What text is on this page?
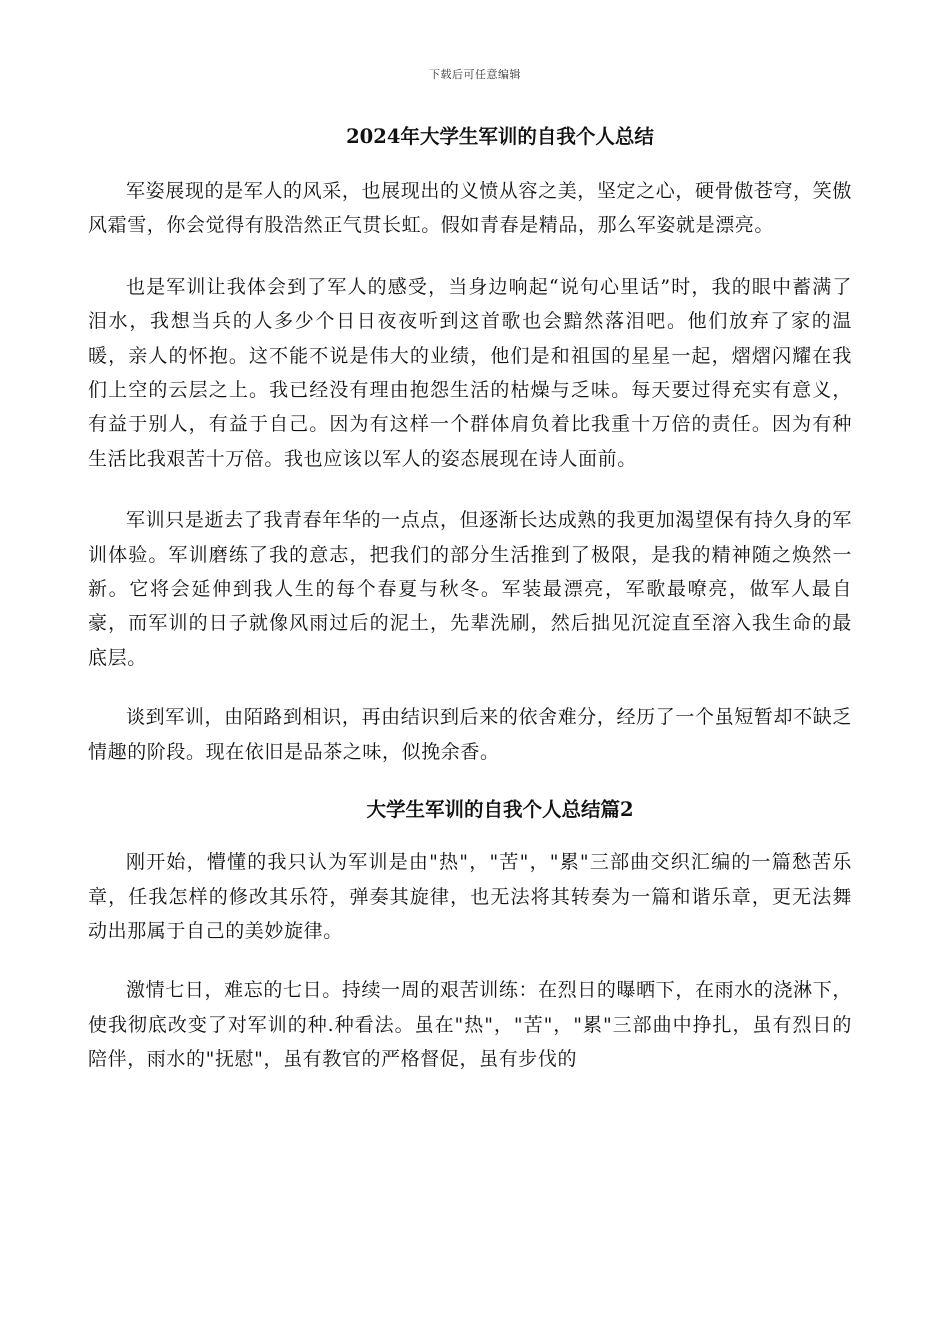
下载后可任意编辑
2024年大学生军训的自我个人总结

军姿展现的是军人的风采，也展现出的义愤从容之美，坚定之心，硬骨傲苍穹，笑傲风霜雪，你会觉得有股浩然正气贯长虹。假如青春是精品，那么军姿就是漂亮。

也是军训让我体会到了军人的感受，当身边响起“说句心里话”时，我的眼中蓄满了泪水，我想当兵的人多少个日日夜夜听到这首歌也会黯然落泪吧。他们放弃了家的温暖，亲人的怀抱。这不能不说是伟大的业绩，他们是和祖国的星星一起，熠熠闪耀在我们上空的云层之上。我已经没有理由抱怨生活的枯燥与乏味。每天要过得充实有意义，有益于别人，有益于自己。因为有这样一个群体肩负着比我重十万倍的责任。因为有种生活比我艰苦十万倍。我也应该以军人的姿态展现在诗人面前。

军训只是逝去了我青春年华的一点点，但逐渐长达成熟的我更加渴望保有持久身的军训体验。军训磨练了我的意志，把我们的部分生活推到了极限，是我的精神随之焕然一新。它将会延伸到我人生的每个春夏与秋冬。军装最漂亮，军歌最嘹亮，做军人最自豪，而军训的日子就像风雨过后的泥土，先辈洗刷，然后拙见沉淀直至溶入我生命的最底层。

谈到军训，由陌路到相识，再由结识到后来的依舍难分，经历了一个虽短暂却不缺乏情趣的阶段。现在依旧是品茶之味，似挽余香。

大学生军训的自我个人总结篇2

刚开始，懵懂的我只认为军训是由"热"，"苦"，"累"三部曲交织汇编的一篇愁苦乐章，任我怎样的修改其乐符，弹奏其旋律，也无法将其转奏为一篇和谐乐章，更无法舞动出那属于自己的美妙旋律。

激情七日，难忘的七日。持续一周的艰苦训练：在烈日的曝晒下，在雨水的浇淋下，使我彻底改变了对军训的种.种看法。虽在"热"，"苦"，"累"三部曲中挣扎，虽有烈日的陪伴，雨水的"抚慰"，虽有教官的严格督促，虽有步伐的
